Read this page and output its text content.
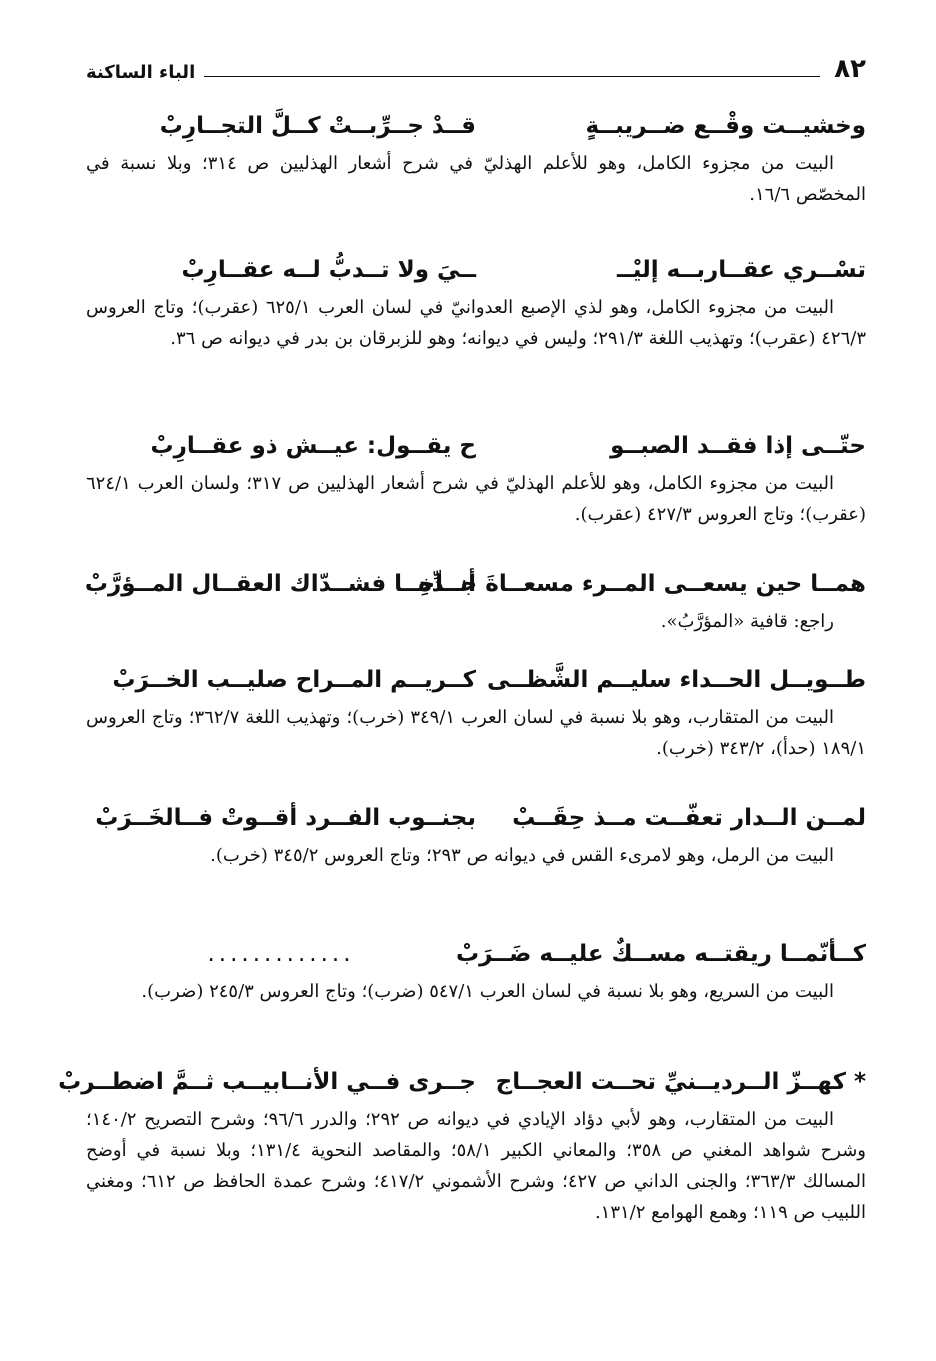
٨٢
الباء الساكنة
وخشيــت وقْــع ضــريبــةٍ
قــدْ جــرِّبــتْ كــلَّ التجــارِبْ
البيت من مجزوء الكامل، وهو للأعلم الهذليّ في شرح أشعار الهذليين ص ٣١٤؛ وبلا نسبة في المخصّص ١٦/٦.
تسْــري عقــاربــه إليْــ
ــيَ ولا تــدبُّ لــه عقــارِبْ
البيت من مجزوء الكامل، وهو لذي الإصبع العدوانيّ في لسان العرب ٦٢٥/١ (عقرب)؛ وتاج العروس ٤٢٦/٣ (عقرب)؛ وتهذيب اللغة ٢٩١/٣؛ وليس في ديوانه؛ وهو للزبرقان بن بدر في ديوانه ص ٣٦.
حتّــى إذا فقــد الصبــو
ح يقــول: عيــش ذو عقــارِبْ
البيت من مجزوء الكامل، وهو للأعلم الهذليّ في شرح أشعار الهذليين ص ٣١٧؛ ولسان العرب ٦٢٤/١ (عقرب)؛ وتاج العروس ٤٢٧/٣ (عقرب).
همــا حين يسعــى المــرء مسعــاةَ جــدِّهِ
أنــاخــا فشــدّاك العقــال المــؤرَّبْ
راجع: قافية «المؤرَّبُ».
طــويــل الحــداء سليــم الشَّظــى
كــريــم المــراح صليــب الخــرَبْ
البيت من المتقارب، وهو بلا نسبة في لسان العرب ٣٤٩/١ (خرب)؛ وتهذيب اللغة ٣٦٢/٧؛ وتاج العروس ١٨٩/١ (حدأ)، ٣٤٣/٢ (خرب).
لمــن الــدار تعفّــت مــذ حِقَــبْ
بجنــوب الفــرد أقــوتْ فــالخَــرَبْ
البيت من الرمل، وهو لامرىء القس في ديوانه ص ٢٩٣؛ وتاج العروس ٣٤٥/٢ (خرب).
كــأنّمــا ريقتــه مســكٌ عليــه ضَــرَبْ
.............
البيت من السريع، وهو بلا نسبة في لسان العرب ٥٤٧/١ (ضرب)؛ وتاج العروس ٢٤٥/٣ (ضرب).
* كهــزّ الــرديــنيِّ تحــت العجــاج
جــرى فــي الأنــابيــب ثــمَّ اضطــربْ
البيت من المتقارب، وهو لأبي دؤاد الإيادي في ديوانه ص ٢٩٢؛ والدرر ٩٦/٦؛ وشرح التصريح ١٤٠/٢؛ وشرح شواهد المغني ص ٣٥٨؛ والمعاني الكبير ٥٨/١؛ والمقاصد النحوية ١٣١/٤؛ وبلا نسبة في أوضح المسالك ٣٦٣/٣؛ والجنى الداني ص ٤٢٧؛ وشرح الأشموني ٤١٧/٢؛ وشرح عمدة الحافظ ص ٦١٢؛ ومغني اللبيب ص ١١٩؛ وهمع الهوامع ١٣١/٢.
